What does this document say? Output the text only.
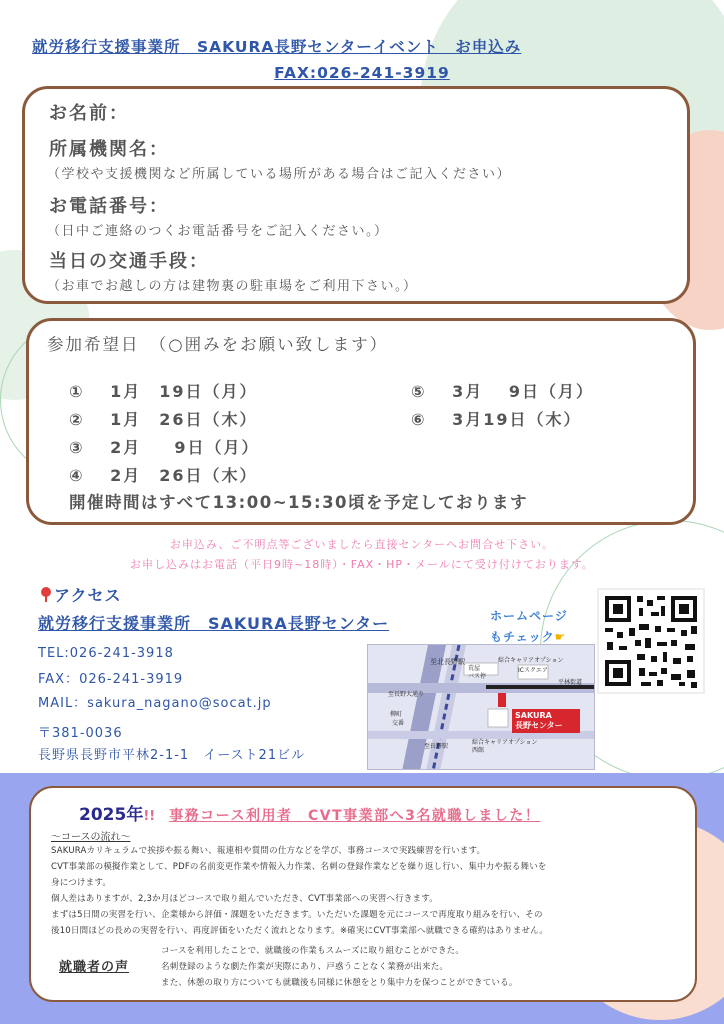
就労移行支援事業所　SAKURA長野センターイベント　お申込み
FAX:026-241-3919
お名前：
所属機関名：
（学校や支援機関など所属している場所がある場合はご記入ください）
お電話番号：
（日中ご連絡のつくお電話番号をご記入ください。）
当日の交通手段：
（お車でお越しの方は建物裏の駐車場をご利用下さい。）
参加希望日　（○囲みをお願い致します）
①　 1月　19日（月）
②　 1月　26日（木）
③　 2月 　 9日（月）
④　 2月　26日（木）
⑤　 3月　 9日（月）
⑥　 3月19日（木）
開催時間はすべて13:00~15:30頃を予定しております
お申込み、ご不明点等ございましたら直接センターへお問合せ下さい。
お申し込みはお電話（平日9時~18時）・FAX・HP・メールにて受け付けております。
アクセス
就労移行支援事業所　SAKURA長野センター
TEL:026-241-3918
FAX：026-241-3919
MAIL：sakura_nagano@socat.jp
〒381-0036
長野県長野市平林2-1-1　イースト21ビル
ホームページ
もチェック☛
至北長野駅	綜合キャリアオプション
ICスクエア
荒屋
バス停
平林街道
至長野大通り
柳町
交番
至長野駅
綜合キャリアオプション
西館
SAKURA
長野センター
2025年!! 事務コース利用者　CVT事業部へ3名就職しました！
～コースの流れ～
SAKURAカリキュラムで挨拶や振る舞い、報連相や質問の仕方などを学び、事務コースで実践練習を行います。
CVT事業部の模擬作業として、PDFの名前変更作業や情報入力作業、名刺の登録作業などを繰り返し行い、集中力や振る舞いを
身につけます。
個人差はありますが、2,3か月ほどコースで取り組んでいただき、CVT事業部への実習へ行きます。
まずは5日間の実習を行い、企業様から評価・課題をいただきます。いただいた課題を元にコースで再度取り組みを行い、その
後10日間ほどの長めの実習を行い、再度評価をいただく流れとなります。※確実にCVT事業部へ就職できる確約はありません。
就職者の声
コースを利用したことで、就職後の作業もスムーズに取り組むことができた。
名刺登録のような劇た作業が実際にあり、戸惑うことなく業務が出来た。
また、休憩の取り方についても就職後も同様に休憩をとり集中力を保つことができている。
